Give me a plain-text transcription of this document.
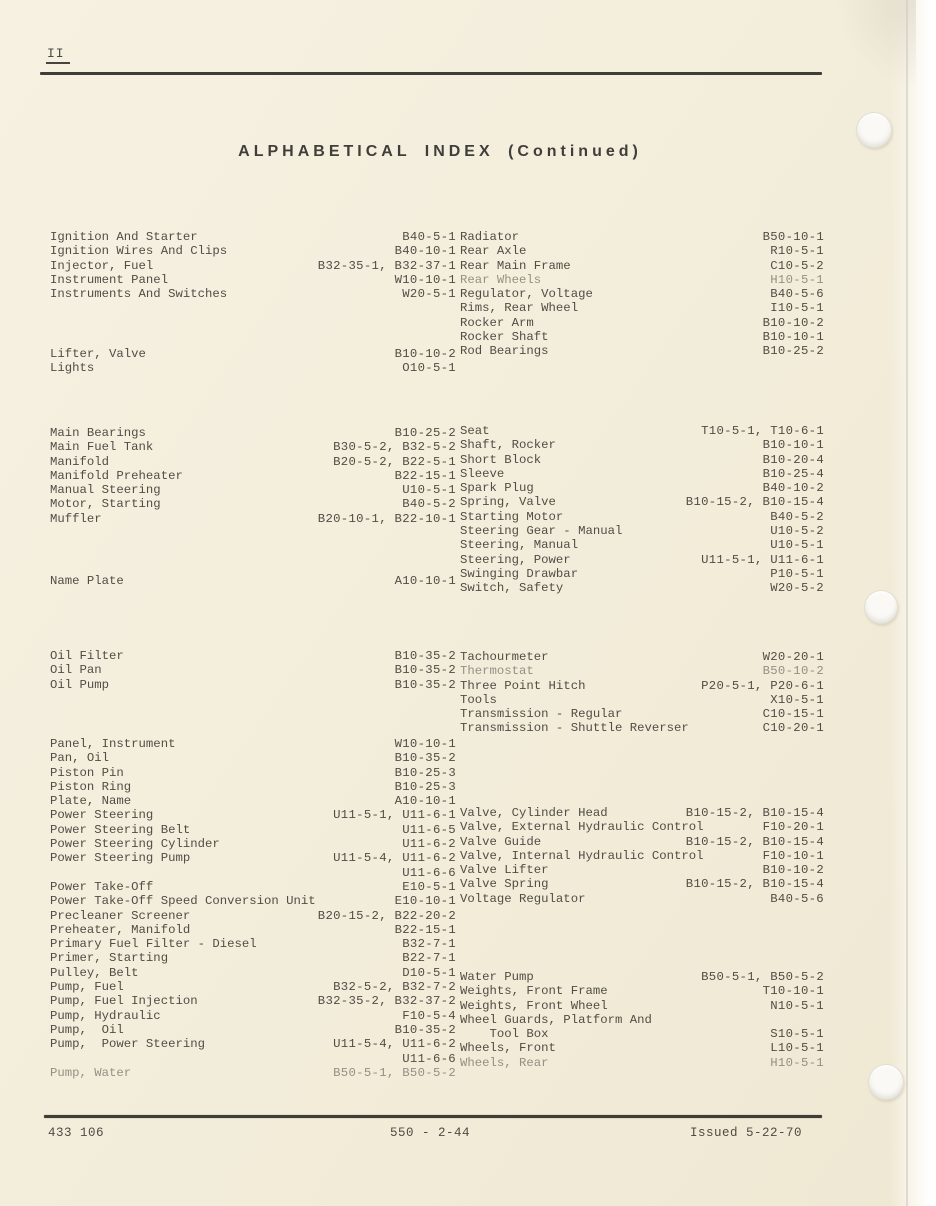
II
ALPHABETICAL INDEX (Continued)
Ignition And Starter	B40-5-1
Ignition Wires And Clips	B40-10-1
Injector, Fuel	B32-35-1, B32-37-1
Instrument Panel	W10-10-1
Instruments And Switches	W20-5-1
Lifter, Valve	B10-10-2
Lights	O10-5-1
Main Bearings	B10-25-2
Main Fuel Tank	B30-5-2, B32-5-2
Manifold	B20-5-2, B22-5-1
Manifold Preheater	B22-15-1
Manual Steering	U10-5-1
Motor, Starting	B40-5-2
Muffler	B20-10-1, B22-10-1
Name Plate	A10-10-1
Oil Filter	B10-35-2
Oil Pan	B10-35-2
Oil Pump	B10-35-2
Panel, Instrument	W10-10-1
Pan, Oil	B10-35-2
Piston Pin	B10-25-3
Piston Ring	B10-25-3
Plate, Name	A10-10-1
Power Steering	U11-5-1, U11-6-1
Power Steering Belt	U11-6-5
Power Steering Cylinder	U11-6-2
Power Steering Pump	U11-5-4, U11-6-2
U11-6-6
Power Take-Off	E10-5-1
Power Take-Off Speed Conversion Unit	E10-10-1
Precleaner Screener	B20-15-2, B22-20-2
Preheater, Manifold	B22-15-1
Primary Fuel Filter - Diesel	B32-7-1
Primer, Starting	B22-7-1
Pulley, Belt	D10-5-1
Pump, Fuel	B32-5-2, B32-7-2
Pump, Fuel Injection	B32-35-2, B32-37-2
Pump, Hydraulic	F10-5-4
Pump,  Oil	B10-35-2
Pump,  Power Steering	U11-5-4, U11-6-2
U11-6-6
Pump, Water	B50-5-1, B50-5-2
Radiator	B50-10-1
Rear Axle	R10-5-1
Rear Main Frame	C10-5-2
Rear Wheels	H10-5-1
Regulator, Voltage	B40-5-6
Rims, Rear Wheel	I10-5-1
Rocker Arm	B10-10-2
Rocker Shaft	B10-10-1
Rod Bearings	B10-25-2
Seat	T10-5-1, T10-6-1
Shaft, Rocker	B10-10-1
Short Block	B10-20-4
Sleeve	B10-25-4
Spark Plug	B40-10-2
Spring, Valve	B10-15-2, B10-15-4
Starting Motor	B40-5-2
Steering Gear - Manual	U10-5-2
Steering, Manual	U10-5-1
Steering, Power	U11-5-1, U11-6-1
Swinging Drawbar	P10-5-1
Switch, Safety	W20-5-2
Tachourmeter	W20-20-1
Thermostat	B50-10-2
Three Point Hitch	P20-5-1, P20-6-1
Tools	X10-5-1
Transmission - Regular	C10-15-1
Transmission - Shuttle Reverser	C10-20-1
Valve, Cylinder Head	B10-15-2, B10-15-4
Valve, External Hydraulic Control	F10-20-1
Valve Guide	B10-15-2, B10-15-4
Valve, Internal Hydraulic Control	F10-10-1
Valve Lifter	B10-10-2
Valve Spring	B10-15-2, B10-15-4
Voltage Regulator	B40-5-6
Water Pump	B50-5-1, B50-5-2
Weights, Front Frame	T10-10-1
Weights, Front Wheel	N10-5-1
Wheel Guards, Platform And
Tool Box	S10-5-1
Wheels, Front	L10-5-1
Wheels, Rear	H10-5-1
433 106	550 - 2-44	Issued 5-22-70
